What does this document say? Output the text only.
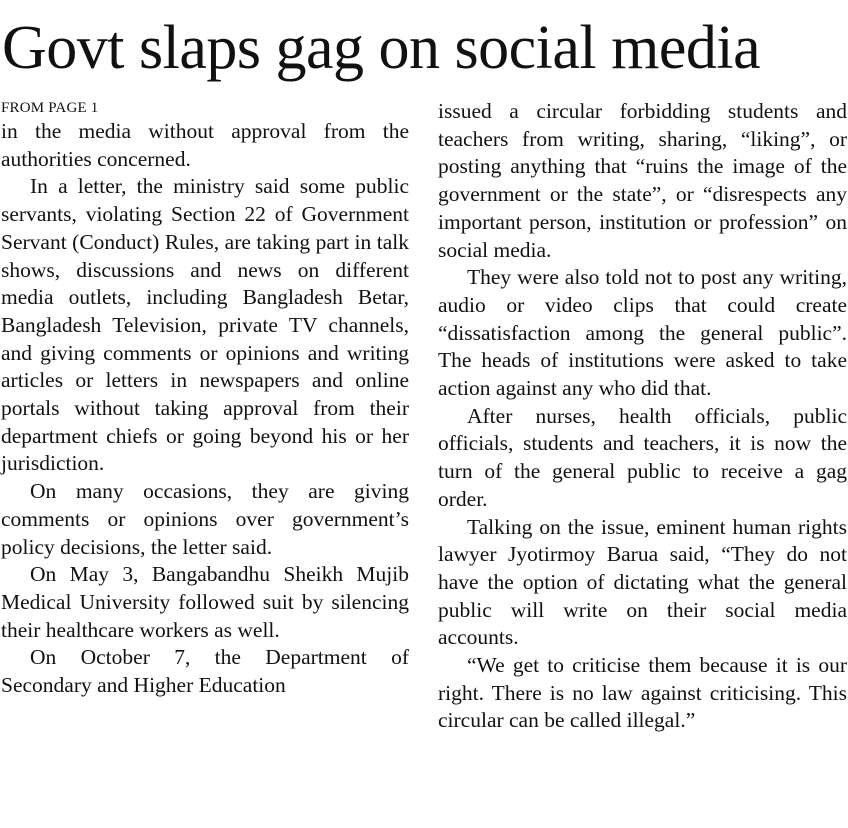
Govt slaps gag on social media
FROM PAGE 1

in the media without approval from the authorities concerned.

In a letter, the ministry said some public servants, violating Section 22 of Government Servant (Conduct) Rules, are taking part in talk shows, discussions and news on different media outlets, including Bangladesh Betar, Bangladesh Television, private TV channels, and giving comments or opinions and writing articles or letters in newspapers and online portals without taking approval from their department chiefs or going beyond his or her jurisdiction.

On many occasions, they are giving comments or opinions over government’s policy decisions, the letter said.

On May 3, Bangabandhu Sheikh Mujib Medical University followed suit by silencing their healthcare workers as well.

On October 7, the Department of Secondary and Higher Education

issued a circular forbidding students and teachers from writing, sharing, “liking”, or posting anything that “ruins the image of the government or the state”, or “disrespects any important person, institution or profession” on social media.

They were also told not to post any writing, audio or video clips that could create “dissatisfaction among the general public”. The heads of institutions were asked to take action against any who did that.

After nurses, health officials, public officials, students and teachers, it is now the turn of the general public to receive a gag order.

Talking on the issue, eminent human rights lawyer Jyotirmoy Barua said, “They do not have the option of dictating what the general public will write on their social media accounts.

“We get to criticise them because it is our right. There is no law against criticising. This circular can be called illegal.”
